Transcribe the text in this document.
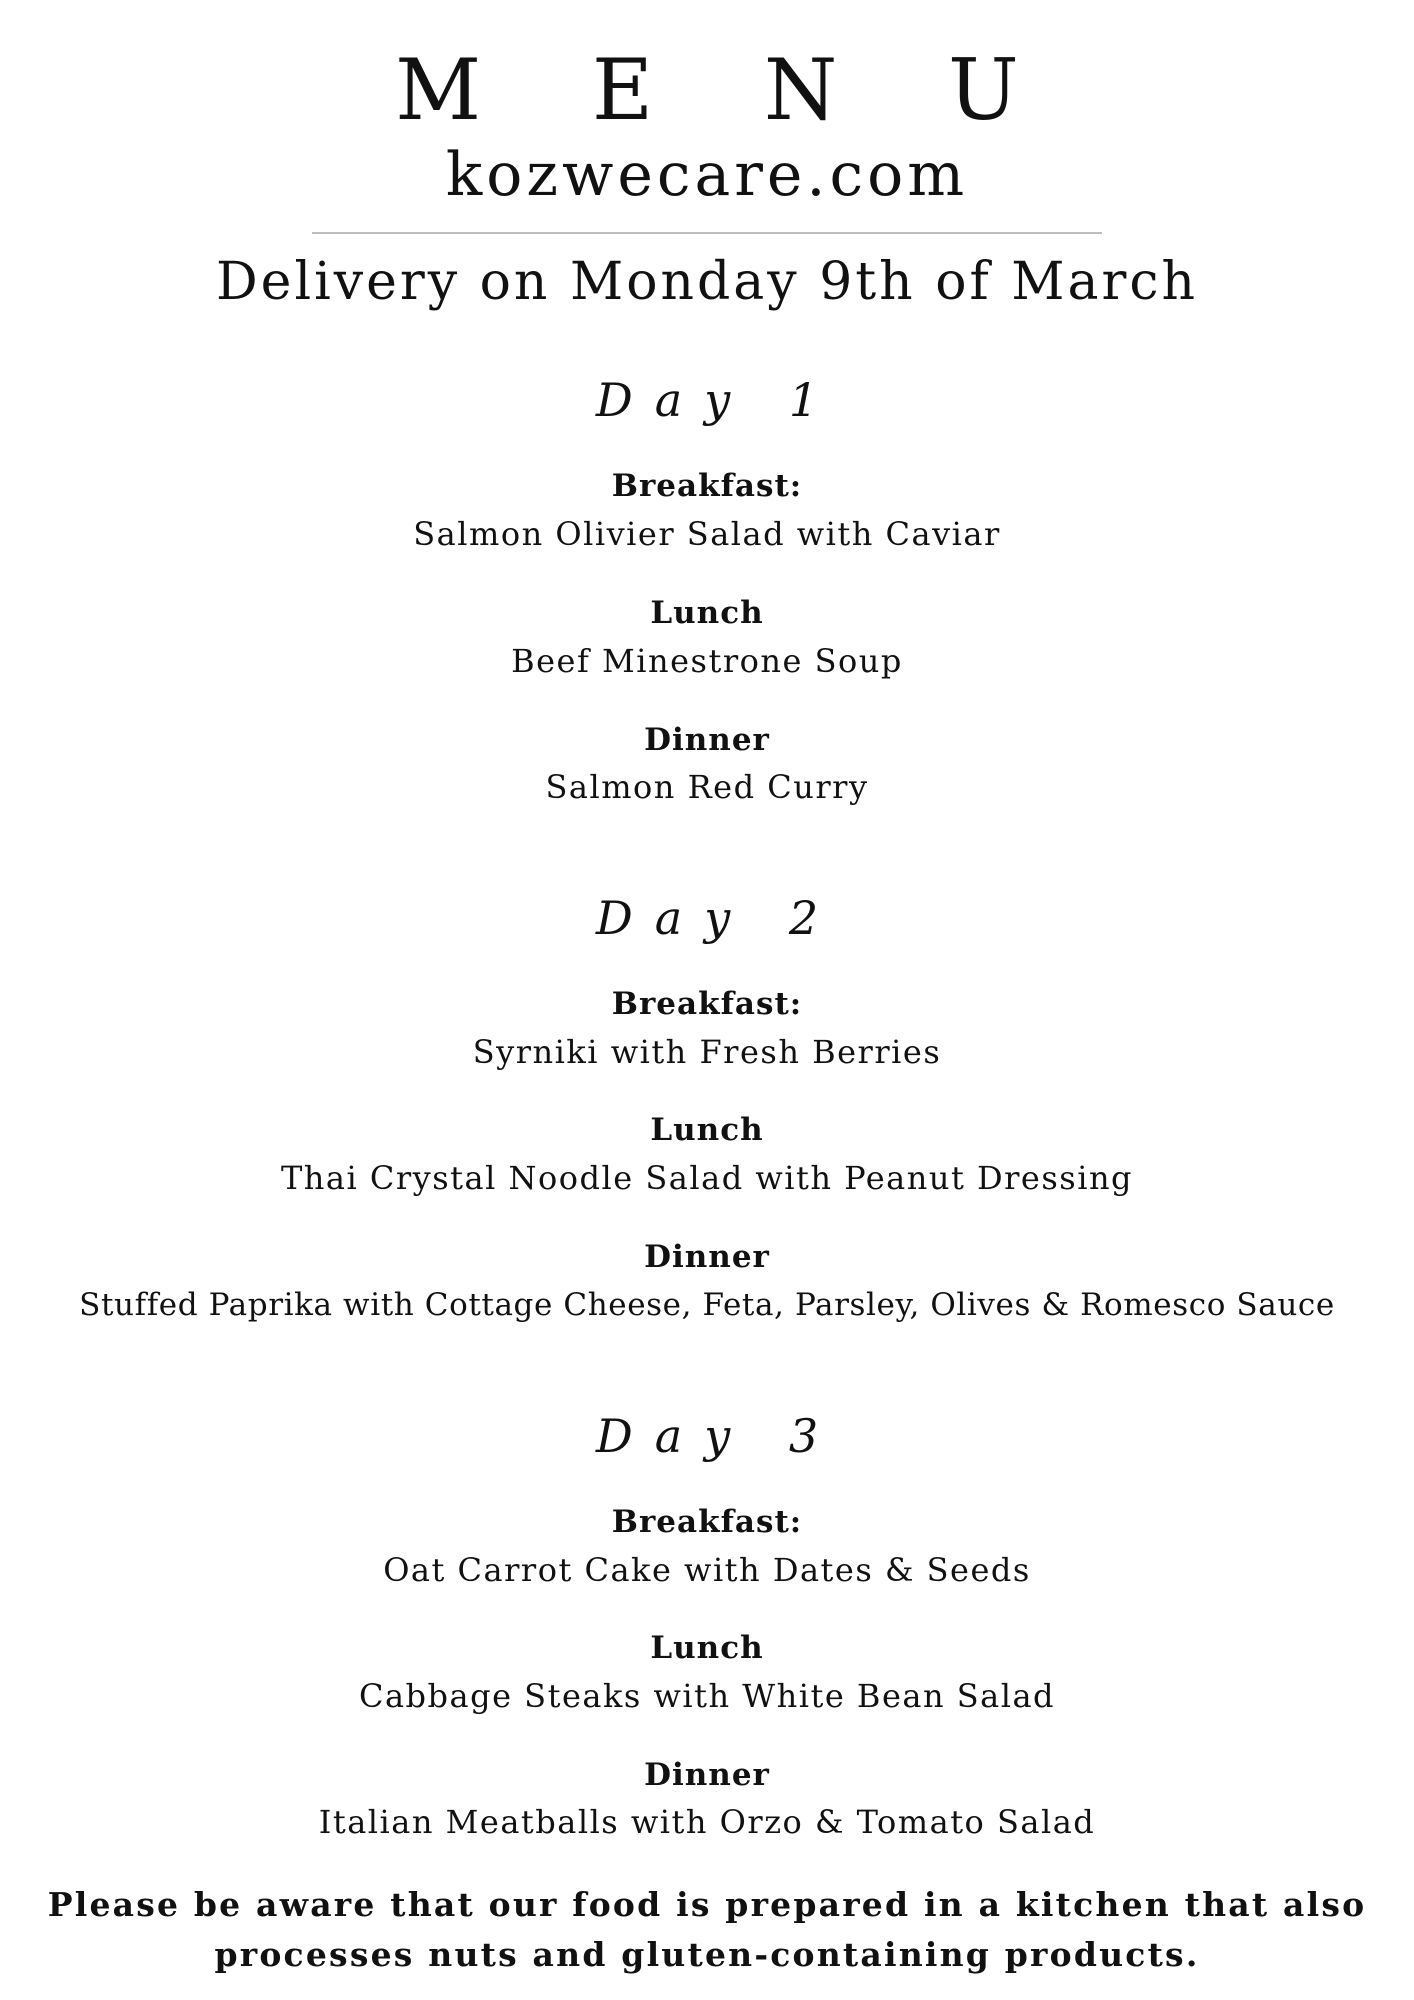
M E N U
kozwecare.com
Delivery on Monday 9th of March
Day 1
Breakfast:
Salmon Olivier Salad with Caviar
Lunch
Beef Minestrone Soup
Dinner
Salmon Red Curry
Day 2
Breakfast:
Syrniki with Fresh Berries
Lunch
Thai Crystal Noodle Salad with Peanut Dressing
Dinner
Stuffed Paprika with Cottage Cheese, Feta, Parsley, Olives & Romesco Sauce
Day 3
Breakfast:
Oat Carrot Cake with Dates & Seeds
Lunch
Cabbage Steaks with White Bean Salad
Dinner
Italian Meatballs with Orzo & Tomato Salad
Please be aware that our food is prepared in a kitchen that also
processes nuts and gluten-containing products.
